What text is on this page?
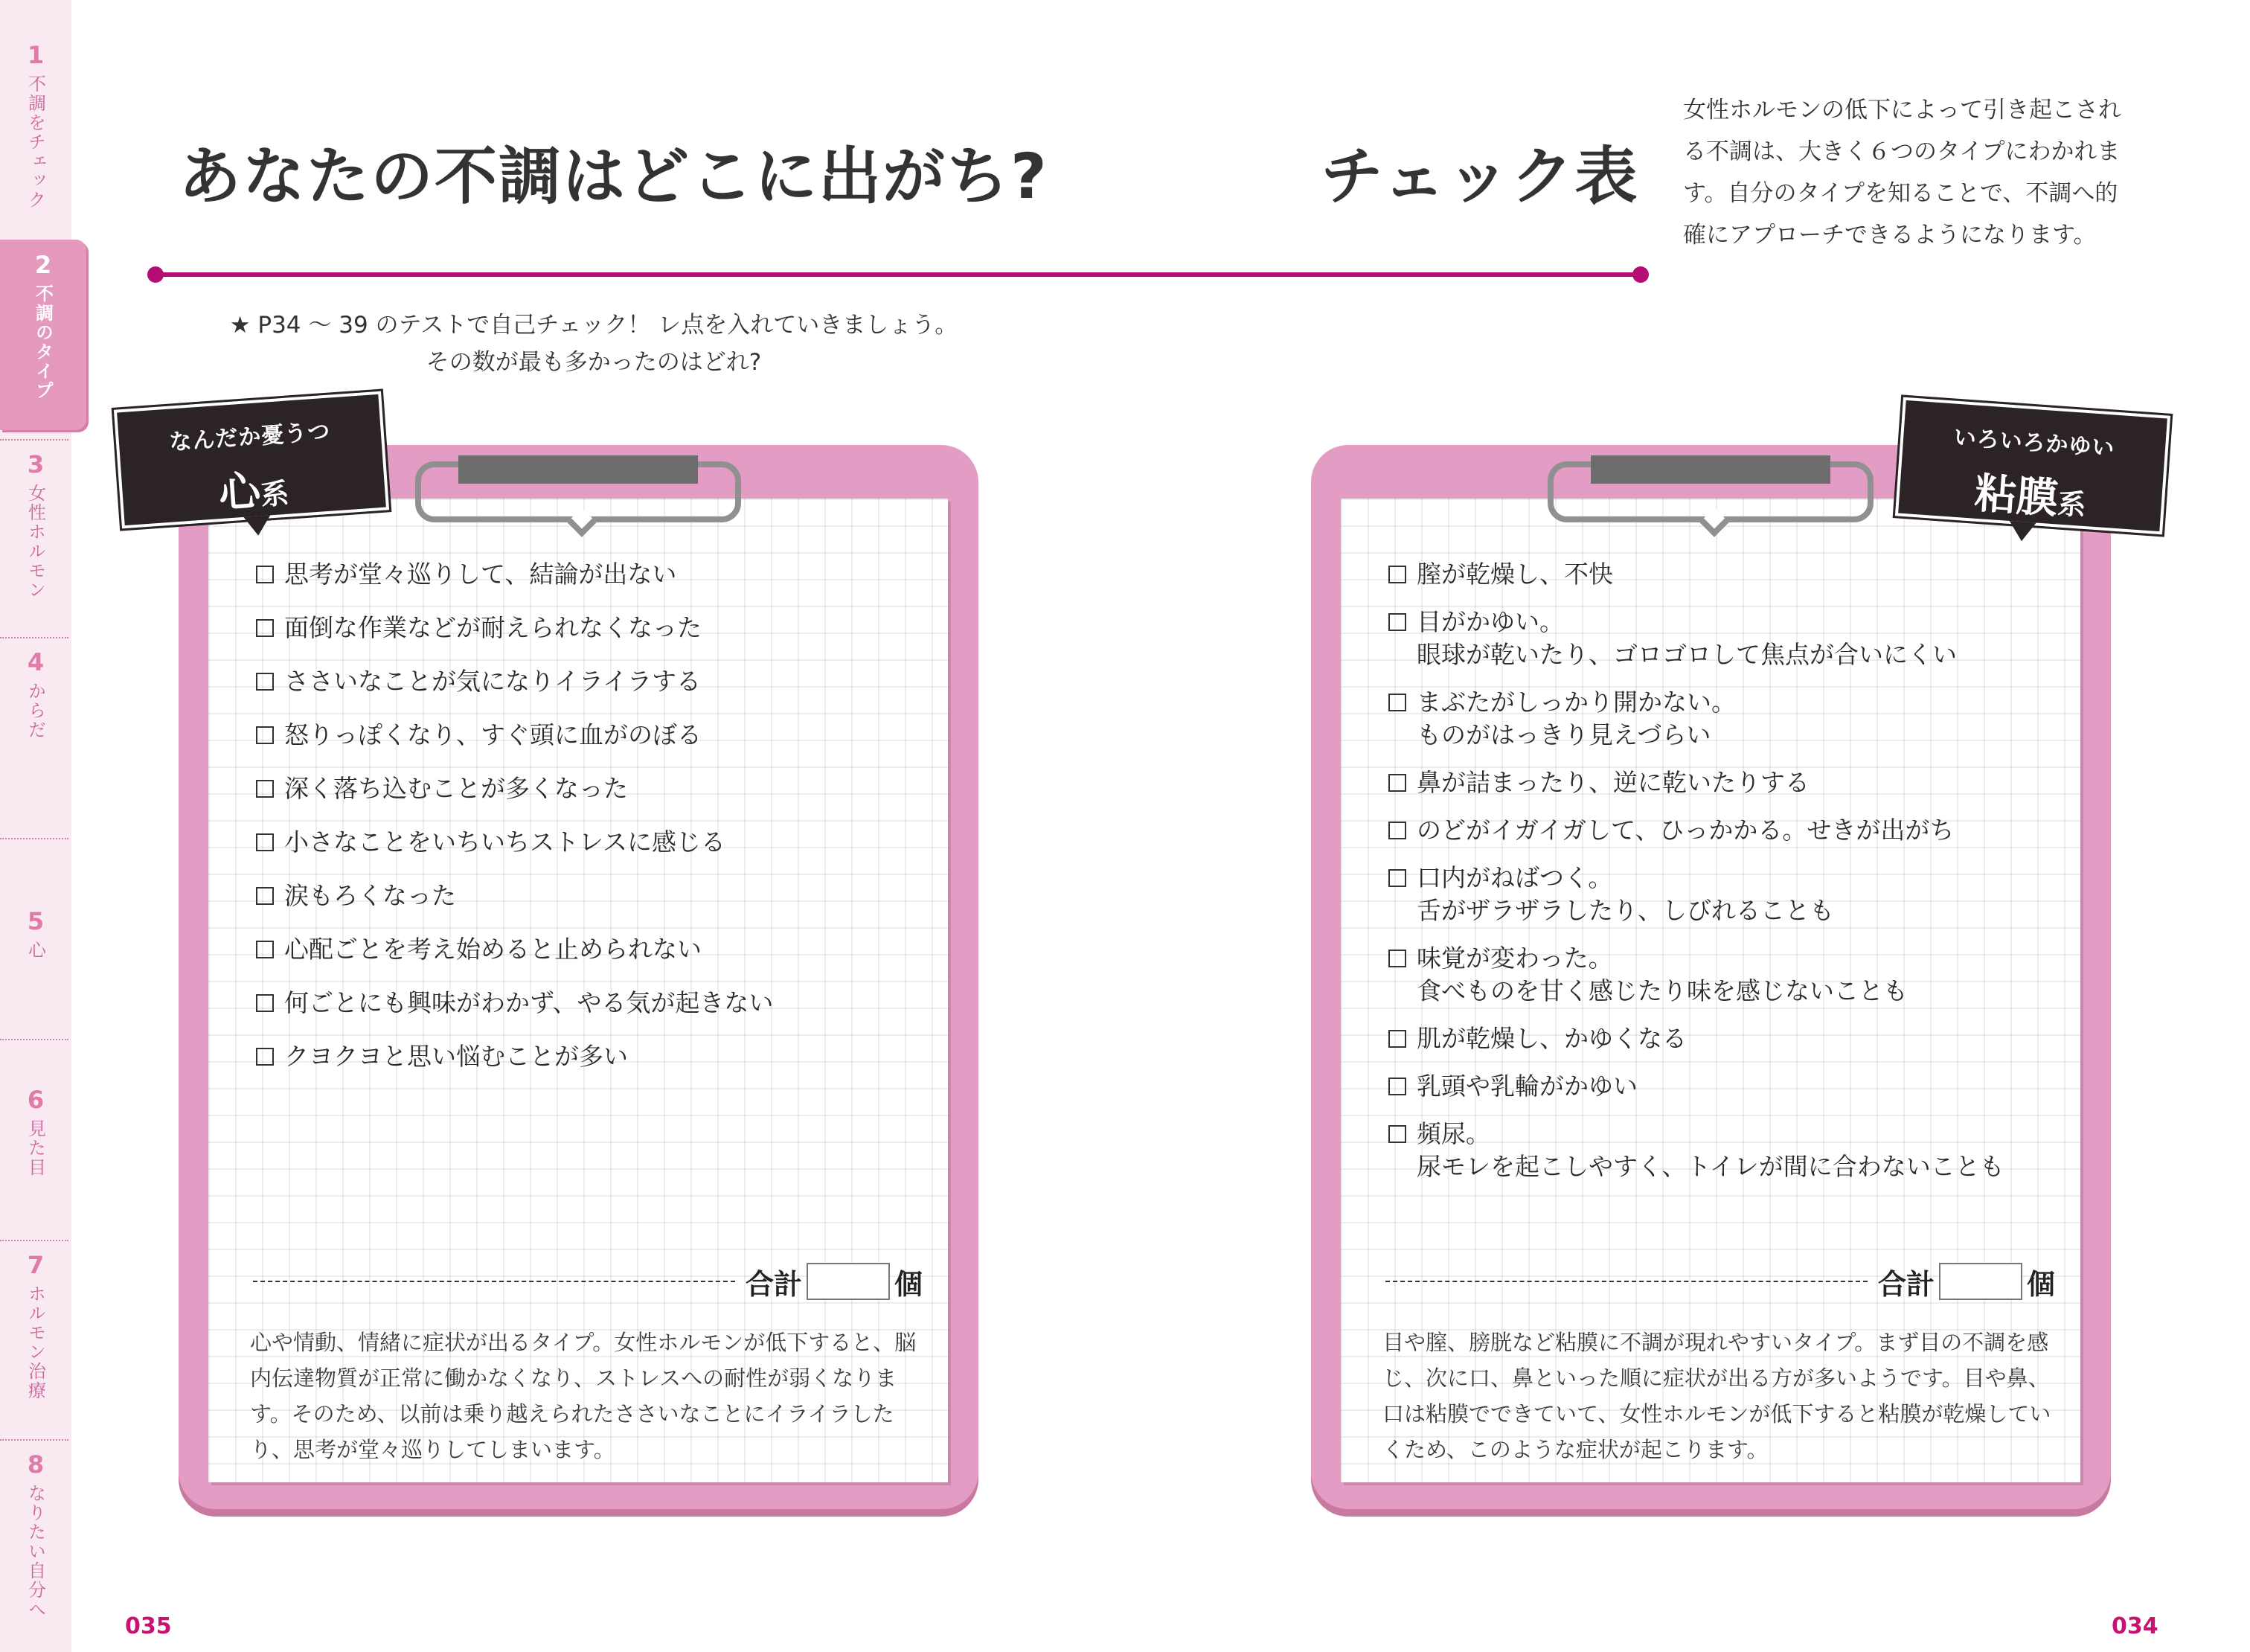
1
不調をチェック
2
不調のタイプ
3
女性ホルモン
4
からだ
5
心
6
見た目
7
ホルモン治療
8
なりたい自分へ
あなたの不調はどこに出がち?	チェック表

女性ホルモンの低下によって引き起こされる不調は、大きく６つのタイプにわかれます。自分のタイプを知ることで、不調へ的確にアプローチできるようになります。

★ P34 〜 39 のテストで自己チェック！ レ点を入れていきましょう。
その数が最も多かったのはどれ?
思考が堂々巡りして、結論が出ない
面倒な作業などが耐えられなくなった
ささいなことが気になりイライラする
怒りっぽくなり、すぐ頭に血がのぼる
深く落ち込むことが多くなった
小さなことをいちいちストレスに感じる
涙もろくなった
心配ごとを考え始めると止められない
何ごとにも興味がわかず、やる気が起きない
クヨクヨと思い悩むことが多い
合計	個

心や情動、情緒に症状が出るタイプ。女性ホルモンが低下すると、脳内伝達物質が正常に働かなくなり、ストレスへの耐性が弱くなります。そのため、以前は乗り越えられたささいなことにイライラしたり、思考が堂々巡りしてしまいます。

膣が乾燥し、不快
目がかゆい。
眼球が乾いたり、ゴロゴロして焦点が合いにくい
まぶたがしっかり開かない。
ものがはっきり見えづらい
鼻が詰まったり、逆に乾いたりする
のどがイガイガして、ひっかかる。せきが出がち
口内がねばつく。
舌がザラザラしたり、しびれることも
味覚が変わった。
食べものを甘く感じたり味を感じないことも
肌が乾燥し、かゆくなる
乳頭や乳輪がかゆい
頻尿。
尿モレを起こしやすく、トイレが間に合わないことも
合計	個

目や膣、膀胱など粘膜に不調が現れやすいタイプ。まず目の不調を感じ、次に口、鼻といった順に症状が出る方が多いようです。目や鼻、口は粘膜でできていて、女性ホルモンが低下すると粘膜が乾燥していくため、このような症状が起こります。

なんだか憂うつ
心系
いろいろかゆい
粘膜系
035	034
